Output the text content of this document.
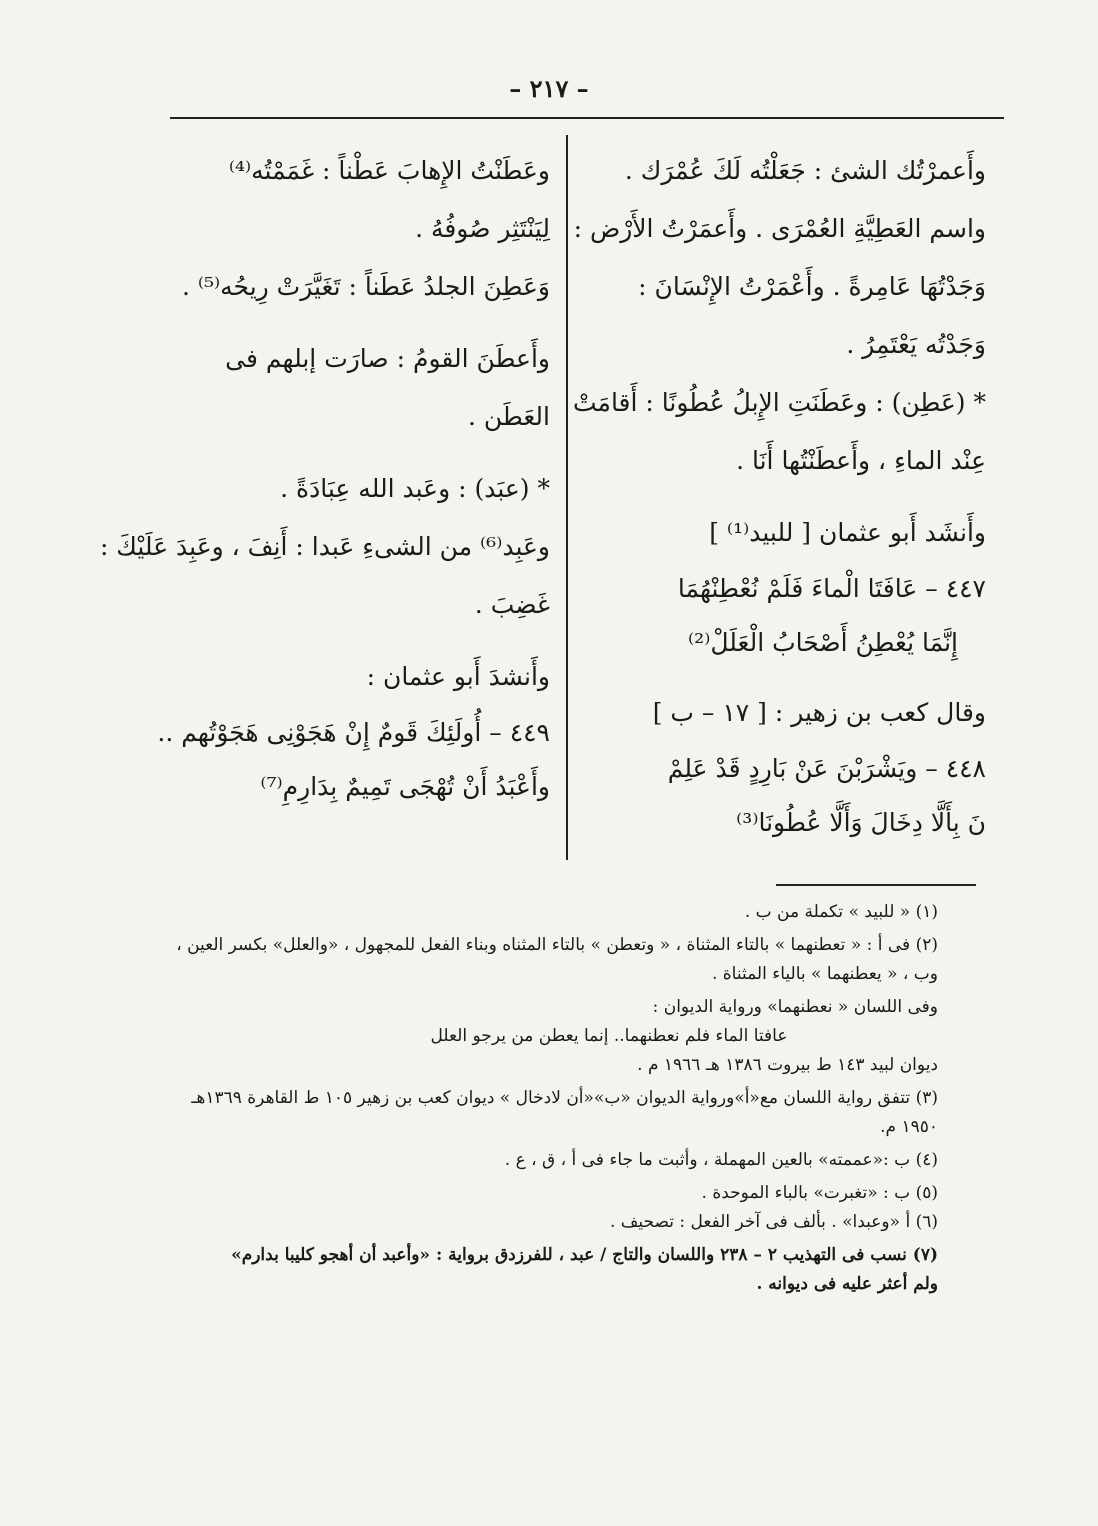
– ٢١٧ –
وأَعمرْتُك الشئ : جَعَلْتُه لَكَ عُمْرَك .
واسم العَطِيَّةِ العُمْرَى . وأَعمَرْتُ الأَرْض :
وَجَدْتُهَا عَامِرةً . وأَعْمَرْتُ الإِنْسَانَ :
وَجَدْتُه يَعْتَمِرُ .
* (عَطِن) : وعَطَنَتِ الإِبلُ عُطُونًا : أَقامَتْ
عِنْد الماءِ ، وأَعطَنْتُها أَنَا .
وأَنشَد أَبو عثمان [ للبيد⁽¹⁾ ]
٤٤٧ – عَافَتَا الْماءَ فَلَمْ نُعْطِنْهُمَا
إِنَّمَا يُعْطِنُ أَصْحَابُ الْعَلَلْ⁽²⁾
وقال كعب بن زهير : [ ١٧ – ب ]
٤٤٨ – ويَشْرَبْنَ عَنْ بَارِدٍ قَدْ عَلِمْ
نَ بِأَلَّا دِخَالَ وَأَلَّا عُطُونَا⁽³⁾
وعَطَنْتُ الإِهابَ عَطْناً : غَمَمْتُه⁽⁴⁾
لِيَنْتَثِر صُوفُهُ .
وَعَطِنَ الجلدُ عَطَناً : تَغَيَّرَتْ رِيحُه⁽⁵⁾ .
وأَعطَنَ القومُ : صارَت إبلهم فى
العَطَن .
* (عبَد) : وعَبد الله عِبَادَةً .
وعَبِد⁽⁶⁾ من الشىءِ عَبدا : أَنِفَ ، وعَبِدَ عَلَيْكَ :
غَضِبَ .
وأَنشدَ أَبو عثمان :
٤٤٩ – أُولَئِكَ قَومٌ إِنْ هَجَوْنِى هَجَوْتُهم ..
وأَعْبَدُ أَنْ تُهْجَى تَمِيمٌ بِدَارِمِ⁽⁷⁾
(١) « للبيد » تكملة من ب .
(٢) فى أ : « تعطنهما » بالتاء المثناة ، « وتعطن » بالتاء المثناه وبناء الفعل للمجهول ، «والعلل» بكسر العين ،
وب ، « يعطنهما » بالياء المثناة .
وفى اللسان « نعطنهما» ورواية الديوان :
عافتا الماء فلم نعطنهما.. إنما يعطن من يرجو العلل
ديوان لبيد ١٤٣ ط بيروت ١٣٨٦ هـ ١٩٦٦ م .
(٣) تتفق رواية اللسان مع«أ»ورواية الديوان «ب»«أن لادخال » ديوان كعب بن زهير ١٠٥ ط القاهرة ١٣٦٩هـ
١٩٥٠ م.
(٤) ب :«عممته» بالعين المهملة ، وأثبت ما جاء فى أ ، ق ، ع .
(٥) ب : «تغبرت» بالباء الموحدة .
(٦) أ «وعبدا» . بألف فى آخر الفعل : تصحيف .
(٧) نسب فى التهذيب ٢ – ٢٣٨ واللسان والتاج / عبد ، للفرزدق برواية : «وأعبد أن أهجو كليبا بدارم»
ولم أعثر عليه فى ديوانه .
